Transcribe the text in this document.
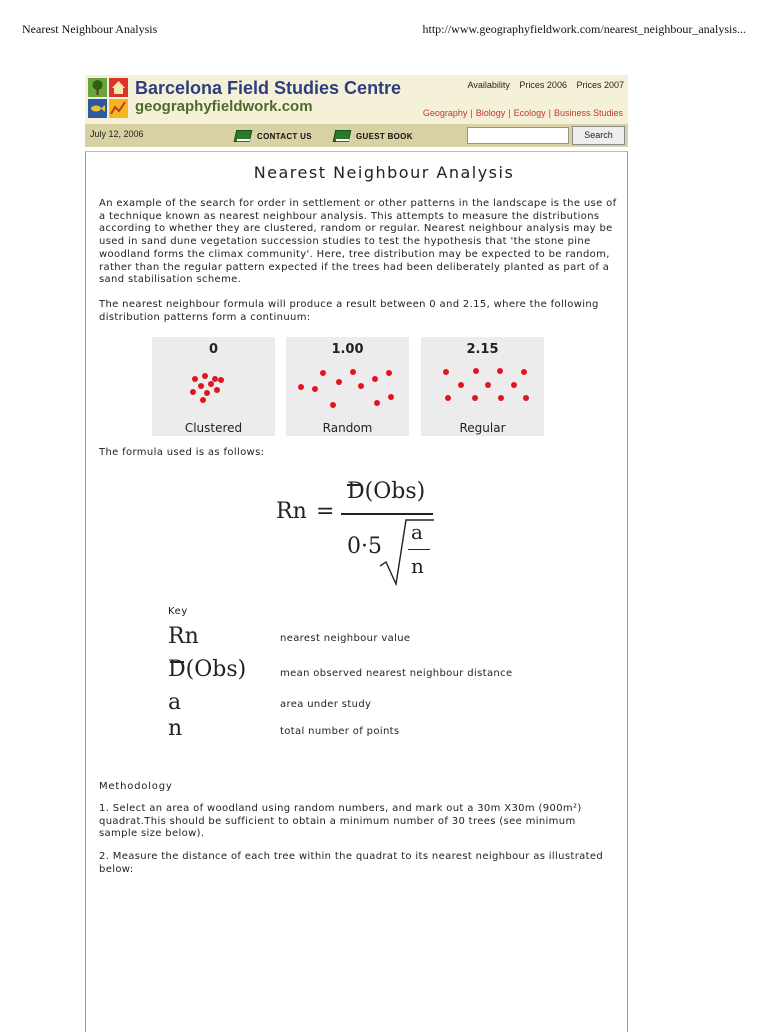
Nearest Neighbour Analysis	http://www.geographyfieldwork.com/nearest_neighbour_analysis...
Barcelona Field Studies Centre
geographyfieldwork.com
Availability Prices 2006 Prices 2007
Geography | Biology | Ecology | Business Studies
July 12, 2006	CONTACT US	GUEST BOOK	Search
Nearest Neighbour Analysis
An example of the search for order in settlement or other patterns in the landscape is the use of a technique known as nearest neighbour analysis. This attempts to measure the distributions according to whether they are clustered, random or regular. Nearest neighbour analysis may be used in sand dune vegetation succession studies to test the hypothesis that 'the stone pine woodland forms the climax community'. Here, tree distribution may be expected to be random, rather than the regular pattern expected if the trees had been deliberately planted as part of a sand stabilisation scheme.
The nearest neighbour formula will produce a result between 0 and 2.15, where the following distribution patterns form a continuum:
0
Clustered
1.00
Random
2.15
Regular
The formula used is as follows:
Rn =
D(Obs)
0·5
a
n
Key
Rn	nearest neighbour value
D(Obs)	mean observed nearest neighbour distance
a	area under study
n	total number of points
Methodology
1. Select an area of woodland using random numbers, and mark out a 30m X30m (900m²) quadrat.This should be sufficient to obtain a minimum number of 30 trees (see minimum sample size below).
2. Measure the distance of each tree within the quadrat to its nearest neighbour as illustrated below:
